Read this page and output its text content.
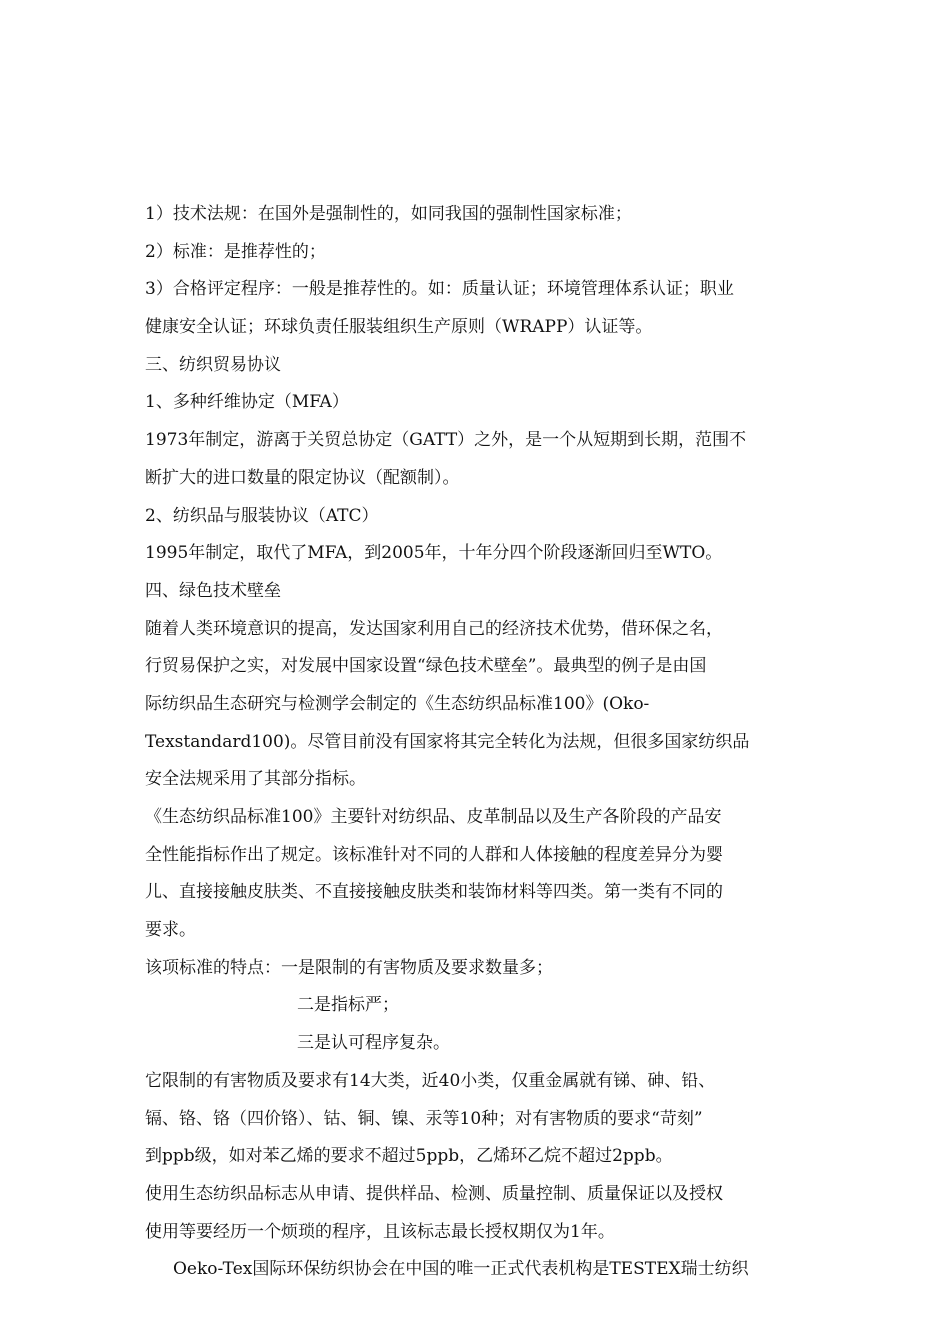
1）技术法规：在国外是强制性的，如同我国的强制性国家标准；
2）标准：是推荐性的；
3）合格评定程序：一般是推荐性的。如：质量认证；环境管理体系认证；职业
健康安全认证；环球负责任服装组织生产原则（WRAPP）认证等。
三、纺织贸易协议
1、多种纤维协定（MFA）
1973年制定，游离于关贸总协定（GATT）之外，是一个从短期到长期，范围不
断扩大的进口数量的限定协议（配额制）。
2、纺织品与服装协议（ATC）
1995年制定，取代了MFA，到2005年，十年分四个阶段逐渐回归至WTO。
四、绿色技术壁垒
随着人类环境意识的提高，发达国家利用自己的经济技术优势，借环保之名，
行贸易保护之实，对发展中国家设置“绿色技术壁垒”。最典型的例子是由国
际纺织品生态研究与检测学会制定的《生态纺织品标准100》(Oko-
Texstandard100)。尽管目前没有国家将其完全转化为法规，但很多国家纺织品
安全法规采用了其部分指标。
《生态纺织品标准100》主要针对纺织品、皮革制品以及生产各阶段的产品安
全性能指标作出了规定。该标准针对不同的人群和人体接触的程度差异分为婴
儿、直接接触皮肤类、不直接接触皮肤类和装饰材料等四类。第一类有不同的
要求。
该项标准的特点：一是限制的有害物质及要求数量多；
二是指标严；
三是认可程序复杂。
它限制的有害物质及要求有14大类，近40小类，仅重金属就有锑、砷、铅、
镉、铬、铬（四价铬）、钴、铜、镍、汞等10种；对有害物质的要求“苛刻”
到ppb级，如对苯乙烯的要求不超过5ppb，乙烯环乙烷不超过2ppb。
使用生态纺织品标志从申请、提供样品、检测、质量控制、质量保证以及授权
使用等要经历一个烦琐的程序，且该标志最长授权期仅为1年。
Oeko-Tex国际环保纺织协会在中国的唯一正式代表机构是TESTEX瑞士纺织
